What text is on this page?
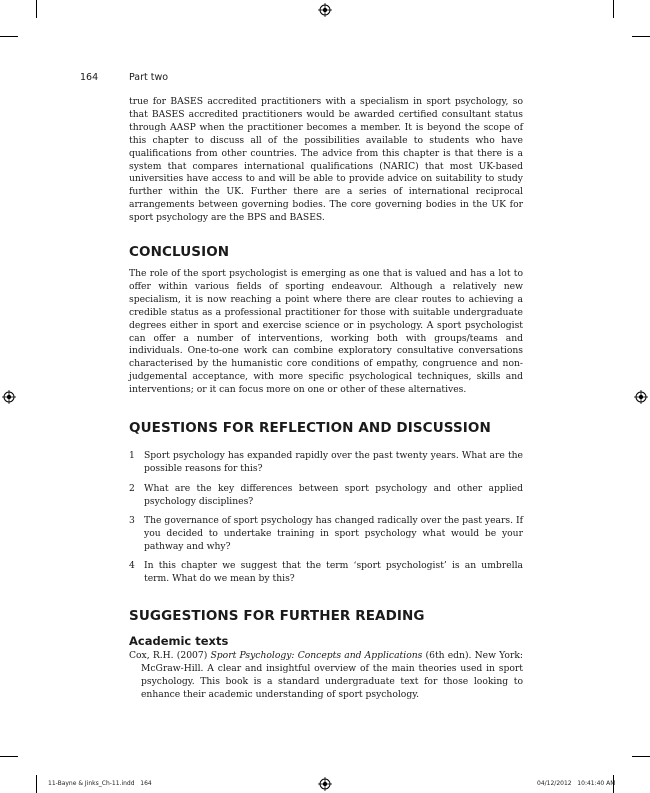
164	Part two

true for BASES accredited practitioners with a specialism in sport psychology, so that BASES accredited practitioners would be awarded certified consultant status through AASP when the practitioner becomes a member. It is beyond the scope of this chapter to discuss all of the possibilities available to students who have qualifications from other countries. The advice from this chapter is that there is a system that compares international qualifications (NARIC) that most UK-based universities have access to and will be able to provide advice on suitability to study further within the UK. Further there are a series of international reciprocal arrangements between governing bodies. The core governing bodies in the UK for sport psychology are the BPS and BASES.

CONCLUSION

The role of the sport psychologist is emerging as one that is valued and has a lot to offer within various fields of sporting endeavour. Although a relatively new specialism, it is now reaching a point where there are clear routes to achieving a credible status as a professional practitioner for those with suitable undergraduate degrees either in sport and exercise science or in psychology. A sport psychologist can offer a number of interventions, working both with groups/teams and individuals. One-to-one work can combine exploratory consultative conversations characterised by the humanistic core conditions of empathy, congruence and non-judgemental acceptance, with more specific psychological techniques, skills and interventions; or it can focus more on one or other of these alternatives.

QUESTIONS FOR REFLECTION AND DISCUSSION
1 Sport psychology has expanded rapidly over the past twenty years. What are the possible reasons for this?
2 What are the key differences between sport psychology and other applied psychology disciplines?
3 The governance of sport psychology has changed radically over the past years. If you decided to undertake training in sport psychology what would be your pathway and why?
4 In this chapter we suggest that the term ‘sport psychologist’ is an umbrella term. What do we mean by this?
SUGGESTIONS FOR FURTHER READING
Academic texts

Cox, R.H. (2007) Sport Psychology: Concepts and Applications (6th edn). New York: McGraw-Hill. A clear and insightful overview of the main theories used in sport psychology. This book is a standard undergraduate text for those looking to enhance their academic understanding of sport psychology.

11-Bayne & Jinks_Ch-11.indd   164	04/12/2012   10:41:40 AM
